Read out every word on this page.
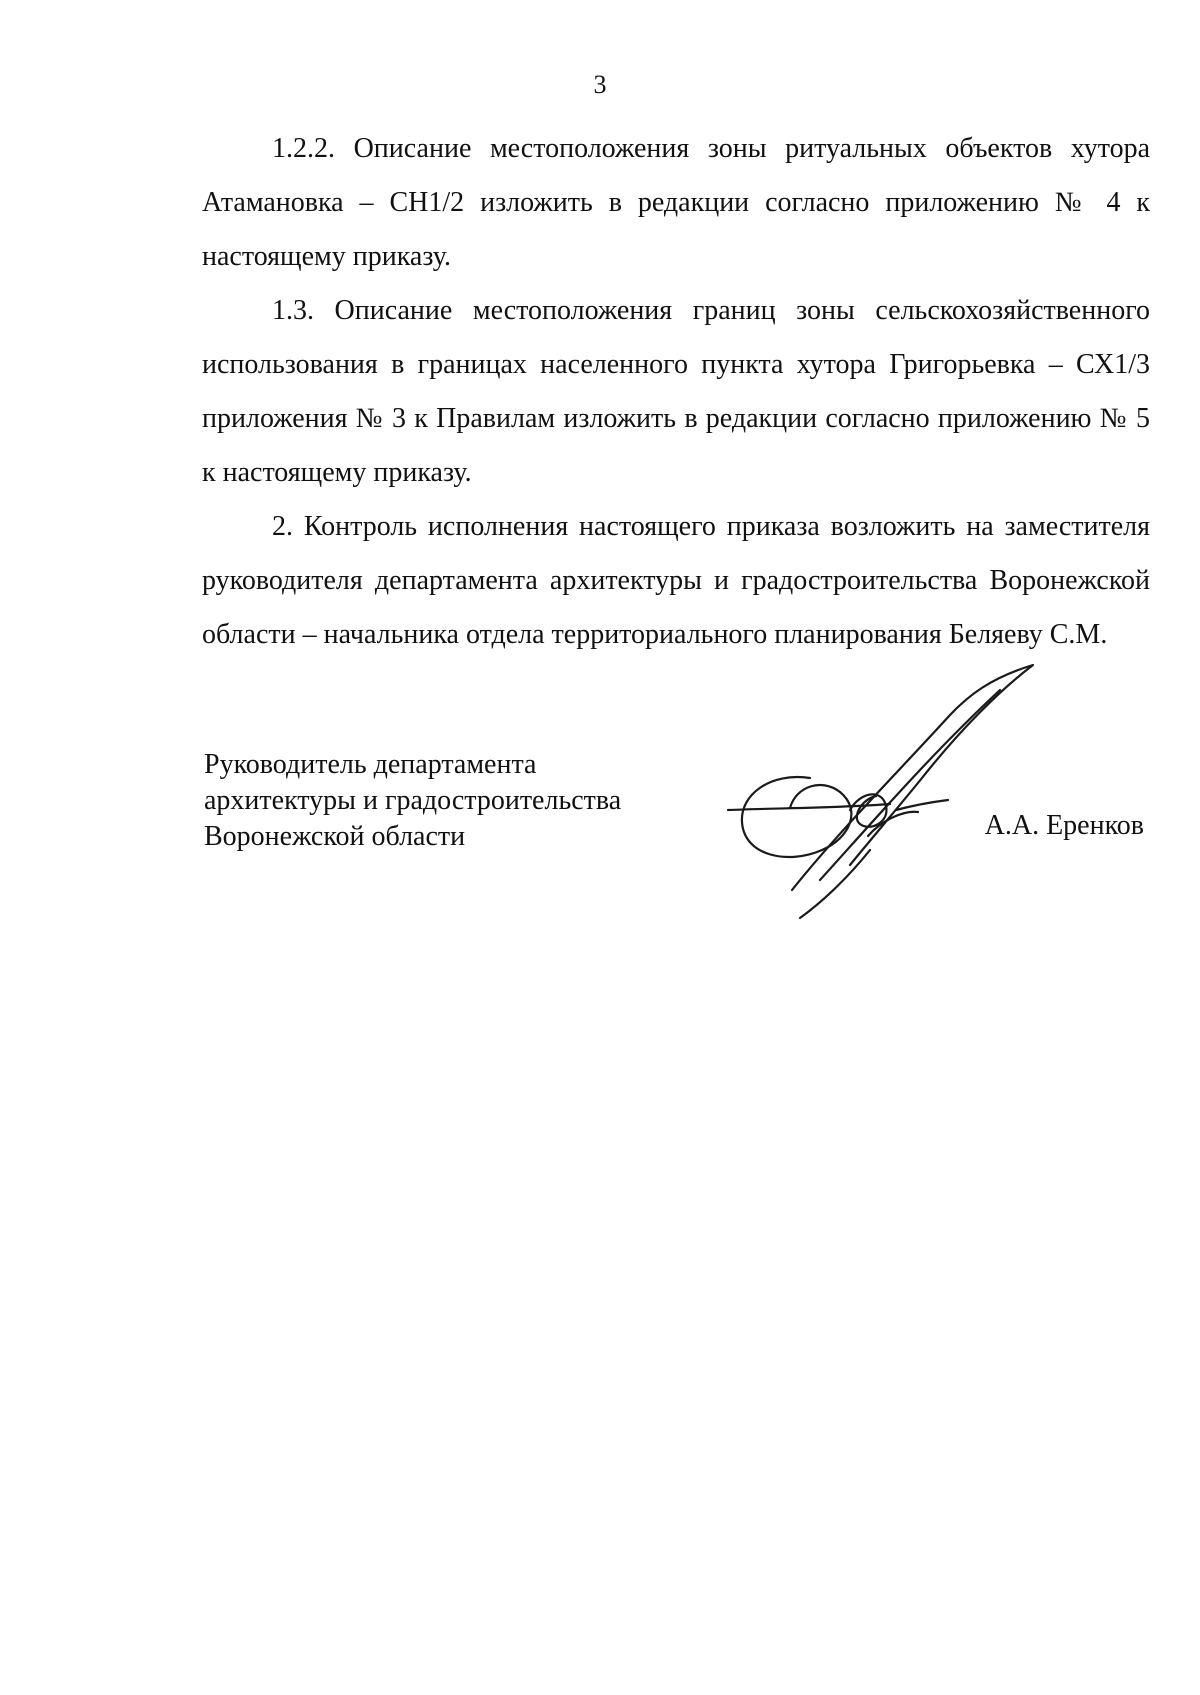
3

1.2.2. Описание местоположения зоны ритуальных объектов хутора Атамановка – СН1/2 изложить в редакции согласно приложению № 4 к настоящему приказу.

1.3. Описание местоположения границ зоны сельскохозяйственного использования в границах населенного пункта хутора Григорьевка – СХ1/3 приложения № 3 к Правилам изложить в редакции согласно приложению № 5 к настоящему приказу.

2. Контроль исполнения настоящего приказа возложить на заместителя руководителя департамента архитектуры и градостроительства Воронежской области – начальника отдела территориального планирования Беляеву С.М.

Руководитель департамента
архитектуры и градостроительства
Воронежской области	А.А. Еренков
